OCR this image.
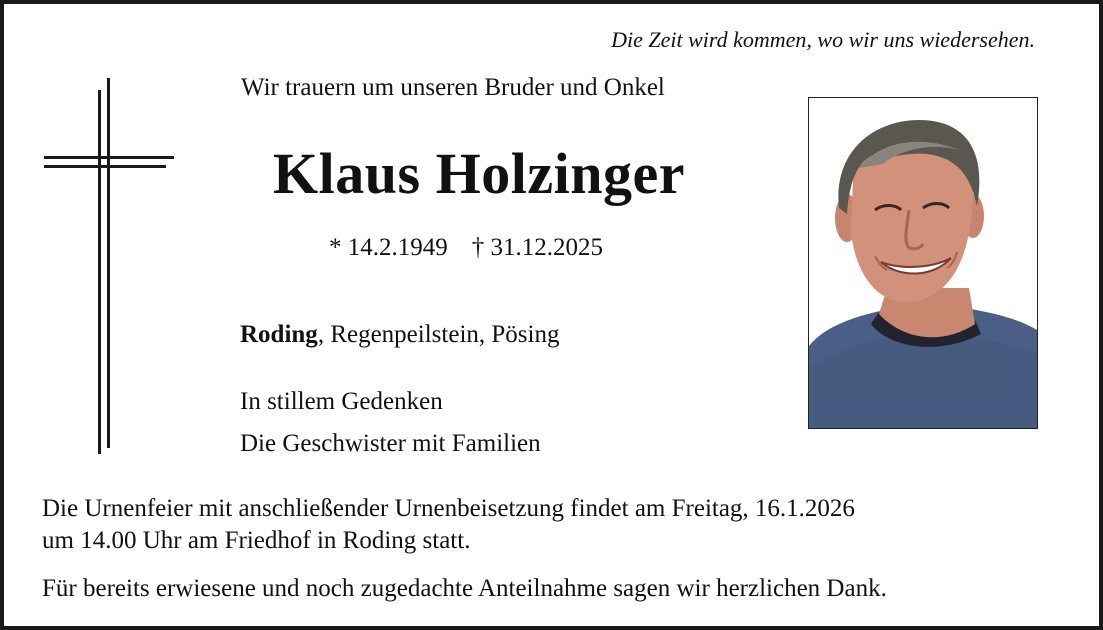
Die Zeit wird kommen, wo wir uns wiedersehen.
Wir trauern um unseren Bruder und Onkel
Klaus Holzinger
* 14.2.1949 † 31.12.2025
Roding, Regenpeilstein, Pösing
In stillem Gedenken
Die Geschwister mit Familien
Die Urnenfeier mit anschließender Urnenbeisetzung findet am Freitag, 16.1.2026
um 14.00 Uhr am Friedhof in Roding statt.
Für bereits erwiesene und noch zugedachte Anteilnahme sagen wir herzlichen Dank.
